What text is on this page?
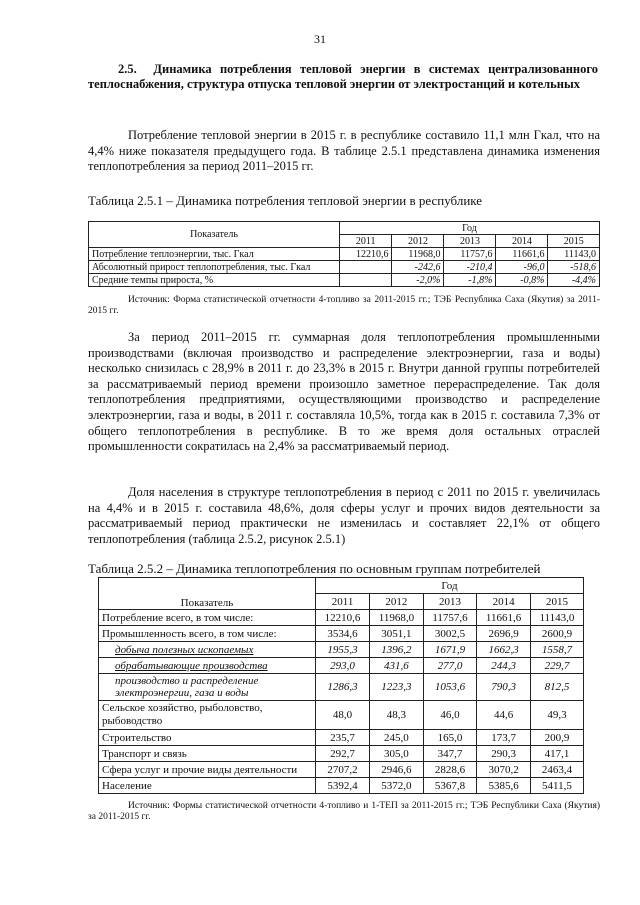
31
2.5. Динамика потребления тепловой энергии в системах централизованного теплоснабжения, структура отпуска тепловой энергии от электростанций и котельных
Потребление тепловой энергии в 2015 г. в республике составило 11,1 млн Гкал, что на 4,4% ниже показателя предыдущего года. В таблице 2.5.1 представлена динамика изменения теплопотребления за период 2011–2015 гг.
Таблица 2.5.1 – Динамика потребления тепловой энергии в республике
Показатель	Год				
	2011	2012	2013	2014	2015
Потребление теплоэнергии, тыс. Гкал	12210,6	11968,0	11757,6	11661,6	11143,0
Абсолютный прирост теплопотребления, тыс. Гкал		-242,6	-210,4	-96,0	-518,6
Средние темпы прироста, %		-2,0%	-1,8%	-0,8%	-4,4%
Источник: Форма статистической отчетности 4-топливо за 2011-2015 гг.; ТЭБ Республика Саха (Якутия) за 2011-2015 гг.
За период 2011–2015 гг. суммарная доля теплопотребления промышленными производствами (включая производство и распределение электроэнергии, газа и воды) несколько снизилась с 28,9% в 2011 г. до 23,3% в 2015 г. Внутри данной группы потребителей за рассматриваемый период времени произошло заметное перераспределение. Так доля теплопотребления предприятиями, осуществляющими производство и распределение электроэнергии, газа и воды, в 2011 г. составляла 10,5%, тогда как в 2015 г. составила 7,3% от общего теплопотребления в республике. В то же время доля остальных отраслей промышленности сократилась на 2,4% за рассматриваемый период.
Доля населения в структуре теплопотребления в период с 2011 по 2015 г. увеличилась на 4,4% и в 2015 г. составила 48,6%, доля сферы услуг и прочих видов деятельности за рассматриваемый период практически не изменилась и составляет 22,1% от общего теплопотребления (таблица 2.5.2, рисунок 2.5.1)
Таблица 2.5.2 – Динамика теплопотребления по основным группам потребителей
Показатель	Год				
	2011	2012	2013	2014	2015
Потребление всего, в том числе:	12210,6	11968,0	11757,6	11661,6	11143,0
Промышленность всего, в том числе:	3534,6	3051,1	3002,5	2696,9	2600,9
добыча полезных ископаемых	1955,3	1396,2	1671,9	1662,3	1558,7
обрабатывающие производства	293,0	431,6	277,0	244,3	229,7
производство и распределение электроэнергии, газа и воды	1286,3	1223,3	1053,6	790,3	812,5
Сельское хозяйство, рыболовство, рыбоводство	48,0	48,3	46,0	44,6	49,3
Строительство	235,7	245,0	165,0	173,7	200,9
Транспорт и связь	292,7	305,0	347,7	290,3	417,1
Сфера услуг и прочие виды деятельности	2707,2	2946,6	2828,6	3070,2	2463,4
Население	5392,4	5372,0	5367,8	5385,6	5411,5
Источник: Формы статистической отчетности 4-топливо и 1-ТЕП за 2011-2015 гг.; ТЭБ Республики Саха (Якутия) за 2011-2015 гг.
